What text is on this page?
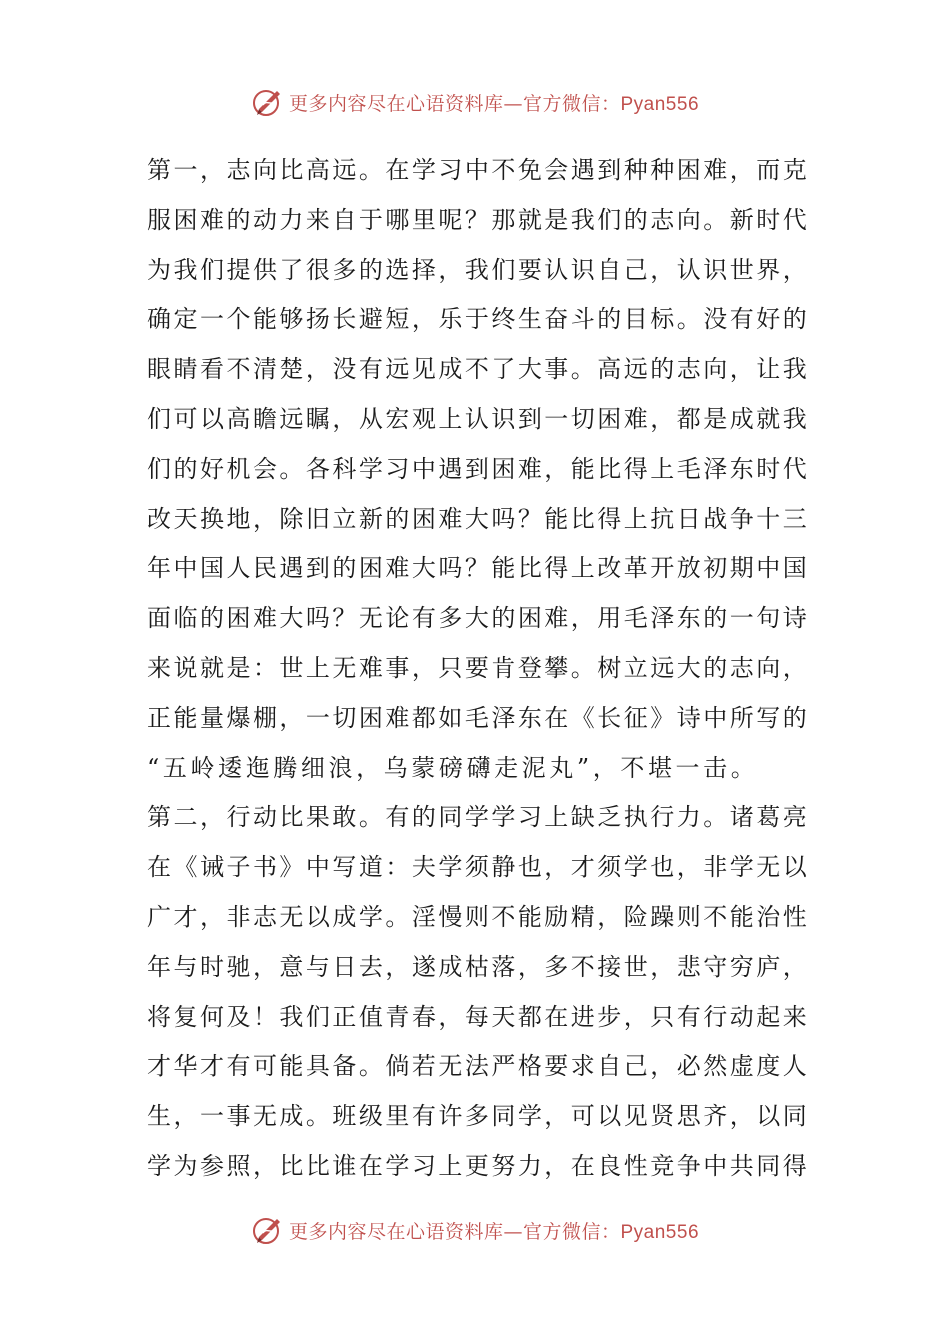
更多内容尽在心语资料库—官方微信：Pyan556
第一，志向比高远。在学习中不免会遇到种种困难，而克
服困难的动力来自于哪里呢？那就是我们的志向。新时代
为我们提供了很多的选择，我们要认识自己，认识世界，
确定一个能够扬长避短，乐于终生奋斗的目标。没有好的
眼睛看不清楚，没有远见成不了大事。高远的志向，让我
们可以高瞻远瞩，从宏观上认识到一切困难，都是成就我
们的好机会。各科学习中遇到困难，能比得上毛泽东时代
改天换地，除旧立新的困难大吗？能比得上抗日战争十三
年中国人民遇到的困难大吗？能比得上改革开放初期中国
面临的困难大吗？无论有多大的困难，用毛泽东的一句诗
来说就是：世上无难事，只要肯登攀。树立远大的志向，
正能量爆棚，一切困难都如毛泽东在《长征》诗中所写的
“五岭逶迤腾细浪，乌蒙磅礴走泥丸”，不堪一击。
第二，行动比果敢。有的同学学习上缺乏执行力。诸葛亮
在《诫子书》中写道：夫学须静也，才须学也，非学无以
广才，非志无以成学。淫慢则不能励精，险躁则不能治性
年与时驰，意与日去，遂成枯落，多不接世，悲守穷庐，
将复何及！我们正值青春，每天都在进步，只有行动起来
才华才有可能具备。倘若无法严格要求自己，必然虚度人
生，一事无成。班级里有许多同学，可以见贤思齐，以同
学为参照，比比谁在学习上更努力，在良性竞争中共同得
更多内容尽在心语资料库—官方微信：Pyan556
